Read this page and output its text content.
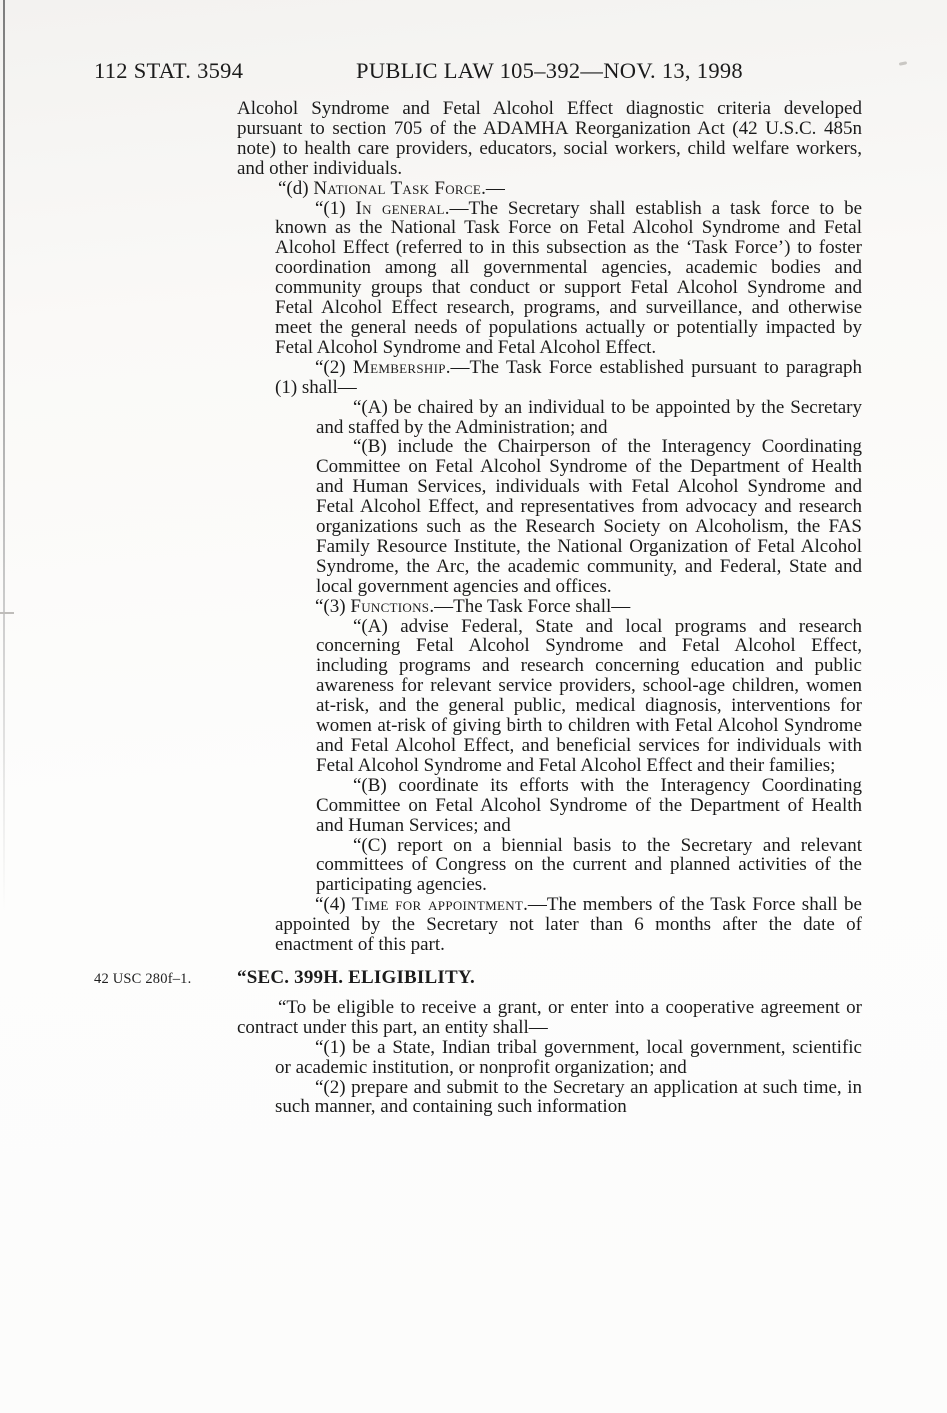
112 STAT. 3594	PUBLIC LAW 105–392—NOV. 13, 1998

Alcohol Syndrome and Fetal Alcohol Effect diagnostic criteria developed pursuant to section 705 of the ADAMHA Reorganization Act (42 U.S.C. 485n note) to health care providers, educators, social workers, child welfare workers, and other individuals.

“(d) National Task Force.—

“(1) In general.—The Secretary shall establish a task force to be known as the National Task Force on Fetal Alcohol Syndrome and Fetal Alcohol Effect (referred to in this subsection as the ‘Task Force’) to foster coordination among all governmental agencies, academic bodies and community groups that conduct or support Fetal Alcohol Syndrome and Fetal Alcohol Effect research, programs, and surveillance, and otherwise meet the general needs of populations actually or potentially impacted by Fetal Alcohol Syndrome and Fetal Alcohol Effect.

“(2) Membership.—The Task Force established pursuant to paragraph (1) shall—

“(A) be chaired by an individual to be appointed by the Secretary and staffed by the Administration; and

“(B) include the Chairperson of the Interagency Coordinating Committee on Fetal Alcohol Syndrome of the Department of Health and Human Services, individuals with Fetal Alcohol Syndrome and Fetal Alcohol Effect, and representatives from advocacy and research organizations such as the Research Society on Alcoholism, the FAS Family Resource Institute, the National Organization of Fetal Alcohol Syndrome, the Arc, the academic community, and Federal, State and local government agencies and offices.

“(3) Functions.—The Task Force shall—

“(A) advise Federal, State and local programs and research concerning Fetal Alcohol Syndrome and Fetal Alcohol Effect, including programs and research concerning education and public awareness for relevant service providers, school-age children, women at-risk, and the general public, medical diagnosis, interventions for women at-risk of giving birth to children with Fetal Alcohol Syndrome and Fetal Alcohol Effect, and beneficial services for individuals with Fetal Alcohol Syndrome and Fetal Alcohol Effect and their families;

“(B) coordinate its efforts with the Interagency Coordinating Committee on Fetal Alcohol Syndrome of the Department of Health and Human Services; and

“(C) report on a biennial basis to the Secretary and relevant committees of Congress on the current and planned activities of the participating agencies.

“(4) Time for appointment.—The members of the Task Force shall be appointed by the Secretary not later than 6 months after the date of enactment of this part.

“SEC. 399H. ELIGIBILITY.
42 USC 280f–1.

“To be eligible to receive a grant, or enter into a cooperative agreement or contract under this part, an entity shall—

“(1) be a State, Indian tribal government, local government, scientific or academic institution, or nonprofit organization; and

“(2) prepare and submit to the Secretary an application at such time, in such manner, and containing such information
